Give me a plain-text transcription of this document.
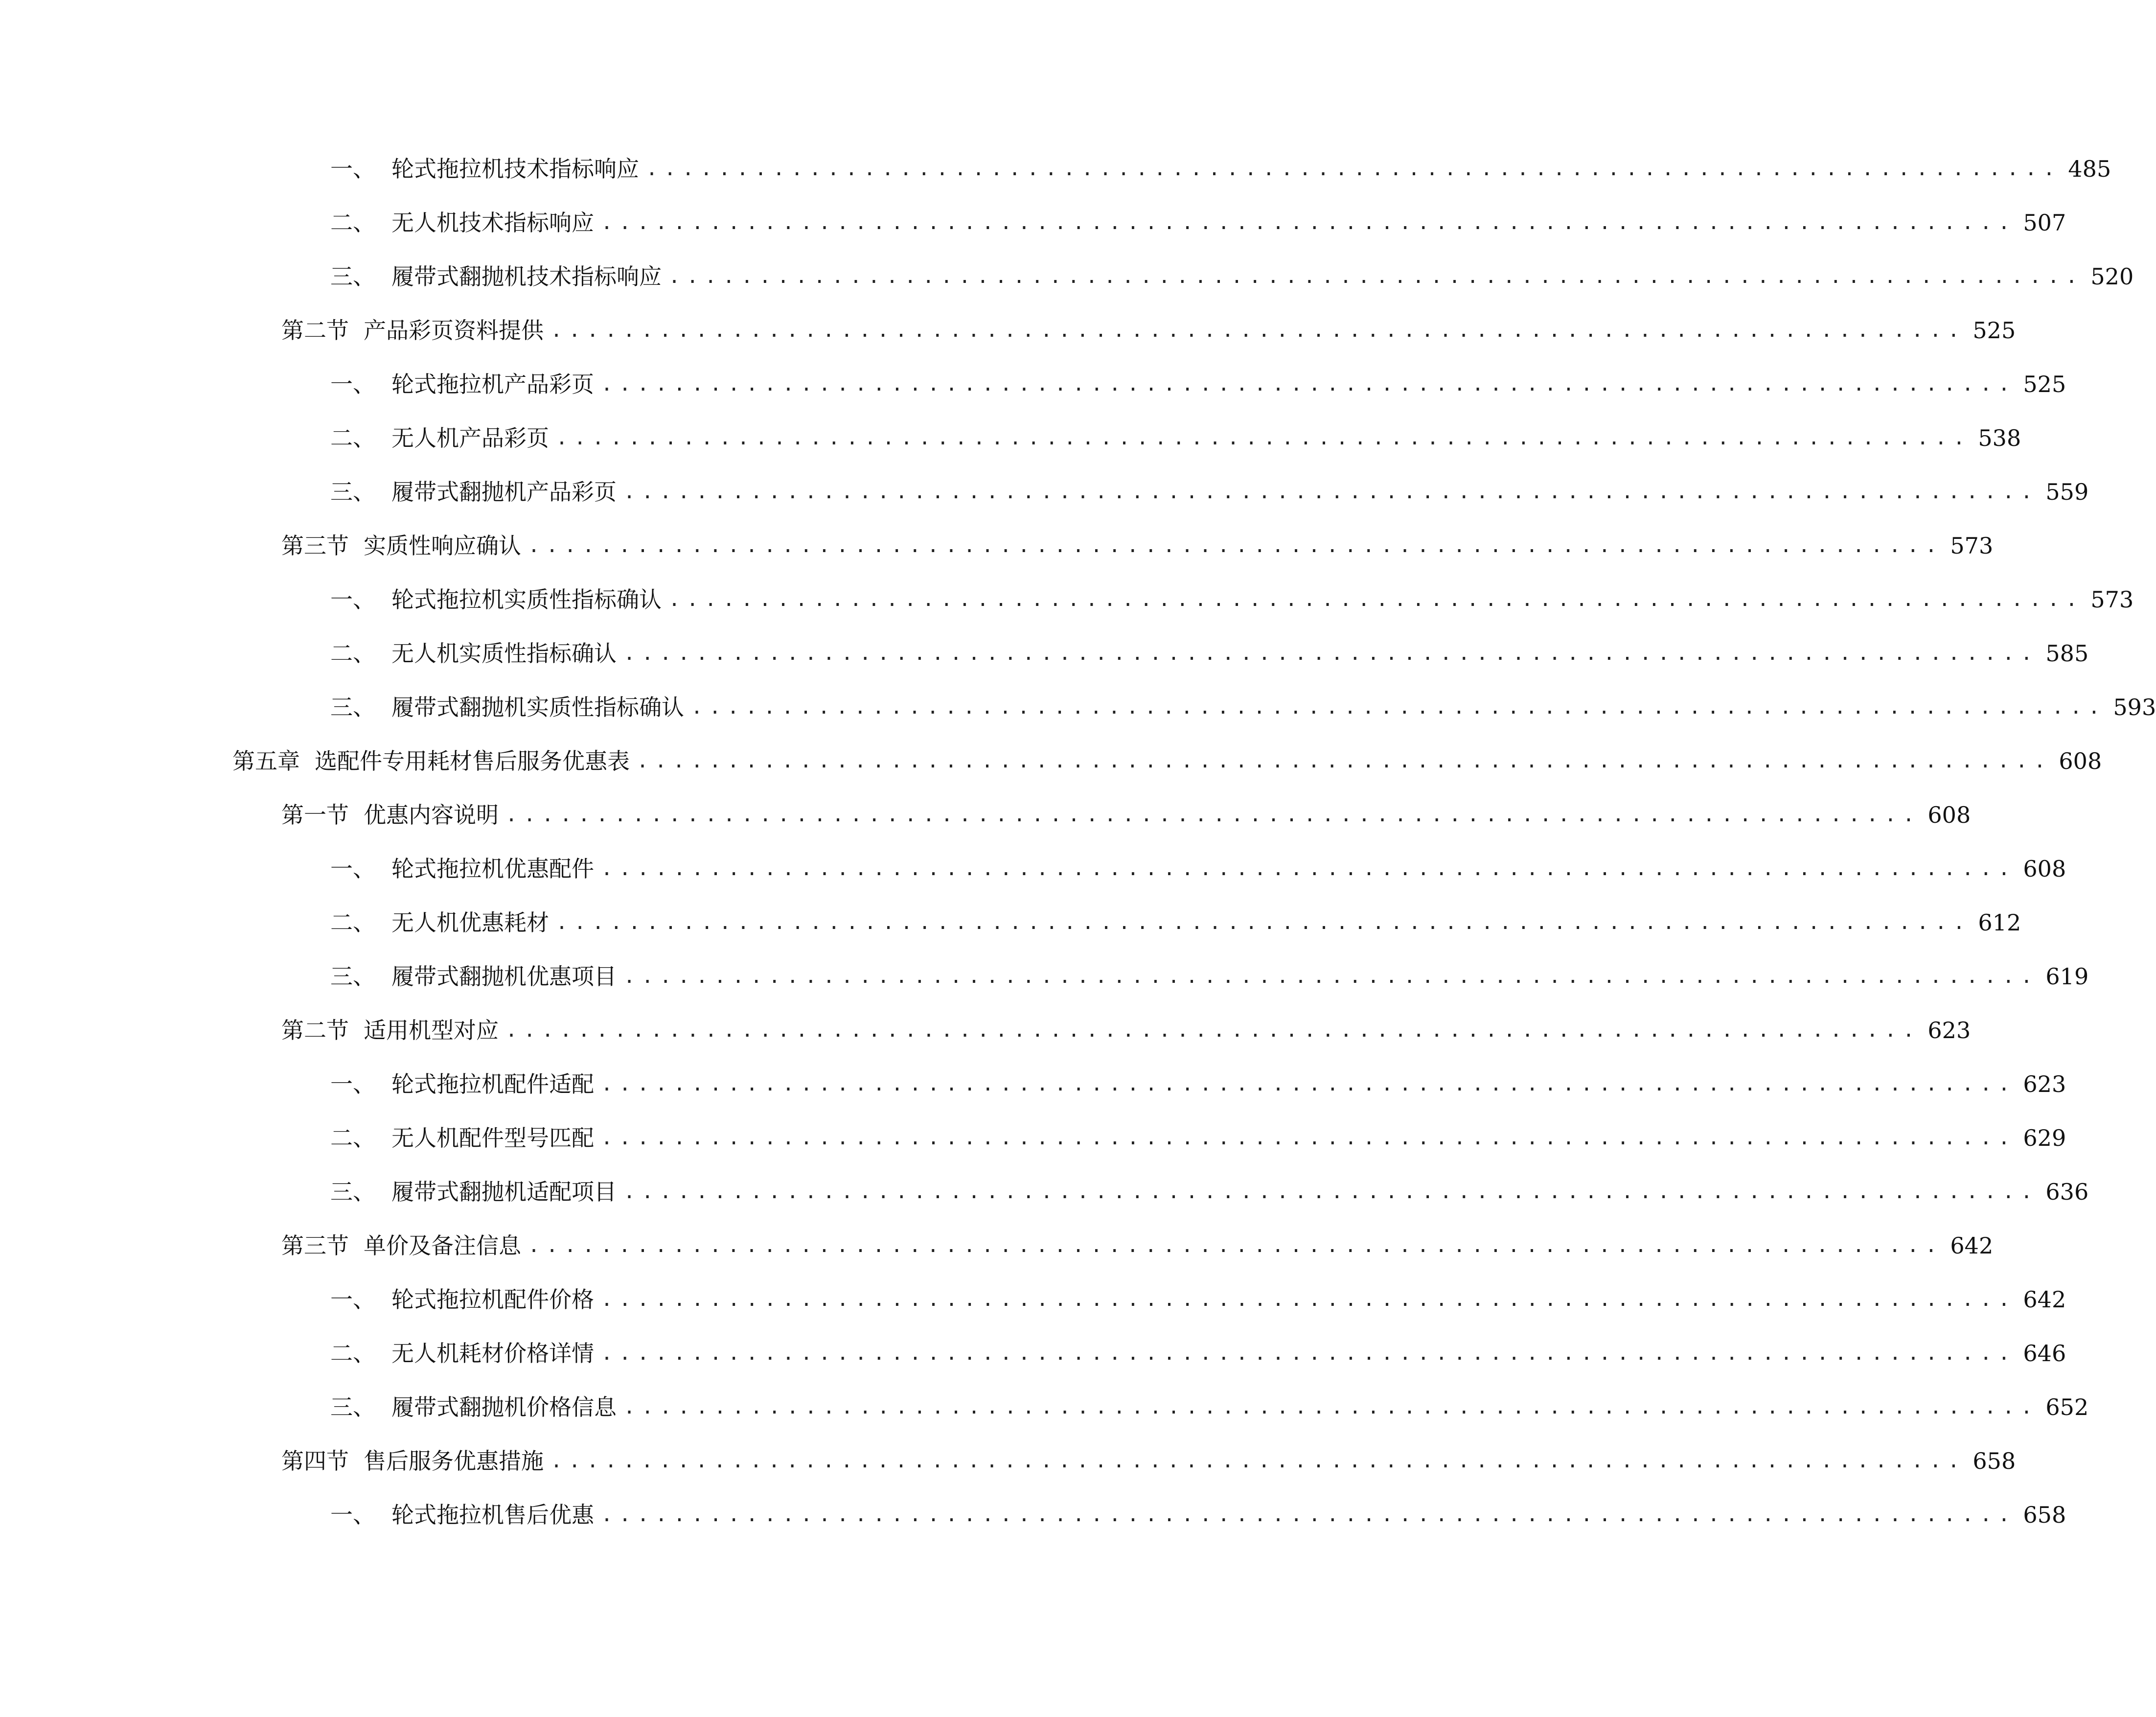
一、 轮式拖拉机技术指标响应 .............................................................................. 485
二、 无人机技术指标响应 .............................................................................. 507
三、 履带式翻抛机技术指标响应 .............................................................................. 520
第二节 产品彩页资料提供 .............................................................................. 525
一、 轮式拖拉机产品彩页 .............................................................................. 525
二、 无人机产品彩页 .............................................................................. 538
三、 履带式翻抛机产品彩页 .............................................................................. 559
第三节 实质性响应确认 .............................................................................. 573
一、 轮式拖拉机实质性指标确认 .............................................................................. 573
二、 无人机实质性指标确认 .............................................................................. 585
三、 履带式翻抛机实质性指标确认 .............................................................................. 593
第五章 选配件专用耗材售后服务优惠表 .............................................................................. 608
第一节 优惠内容说明 .............................................................................. 608
一、 轮式拖拉机优惠配件 .............................................................................. 608
二、 无人机优惠耗材 .............................................................................. 612
三、 履带式翻抛机优惠项目 .............................................................................. 619
第二节 适用机型对应 .............................................................................. 623
一、 轮式拖拉机配件适配 .............................................................................. 623
二、 无人机配件型号匹配 .............................................................................. 629
三、 履带式翻抛机适配项目 .............................................................................. 636
第三节 单价及备注信息 .............................................................................. 642
一、 轮式拖拉机配件价格 .............................................................................. 642
二、 无人机耗材价格详情 .............................................................................. 646
三、 履带式翻抛机价格信息 .............................................................................. 652
第四节 售后服务优惠措施 .............................................................................. 658
一、 轮式拖拉机售后优惠 .............................................................................. 658
